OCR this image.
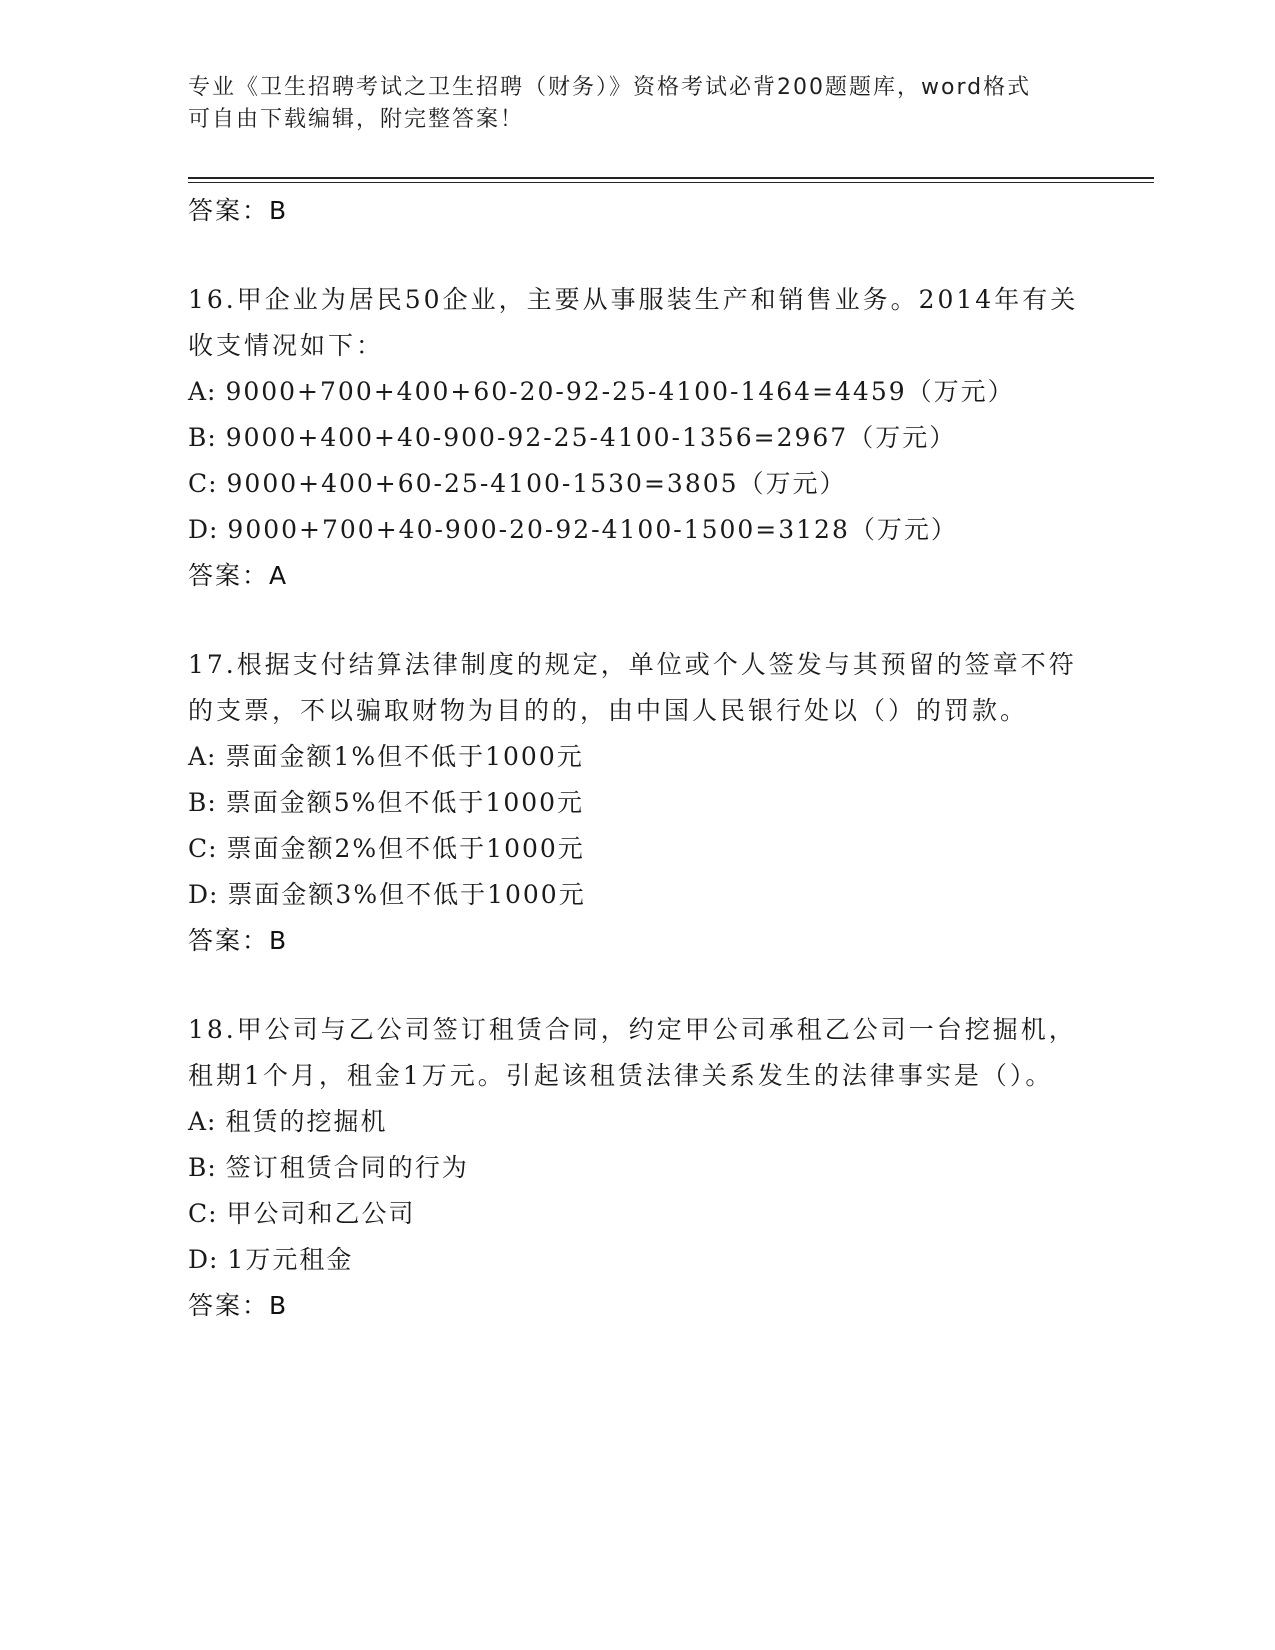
专业《卫生招聘考试之卫生招聘（财务）》资格考试必背200题题库，word格式
可自由下载编辑，附完整答案！
答案：B
16.甲企业为居民50企业，主要从事服装生产和销售业务。2014年有关收支情况如下：
A: 9000+700+400+60-20-92-25-4100-1464=4459（万元）
B: 9000+400+40-900-92-25-4100-1356=2967（万元）
C: 9000+400+60-25-4100-1530=3805（万元）
D: 9000+700+40-900-20-92-4100-1500=3128（万元）
答案：A
17.根据支付结算法律制度的规定，单位或个人签发与其预留的签章不符的支票，不以骗取财物为目的的，由中国人民银行处以（）的罚款。
A: 票面金额1%但不低于1000元
B: 票面金额5%但不低于1000元
C: 票面金额2%但不低于1000元
D: 票面金额3%但不低于1000元
答案：B
18.甲公司与乙公司签订租赁合同，约定甲公司承租乙公司一台挖掘机，租期1个月，租金1万元。引起该租赁法律关系发生的法律事实是（）。
A: 租赁的挖掘机
B: 签订租赁合同的行为
C: 甲公司和乙公司
D: 1万元租金
答案：B
